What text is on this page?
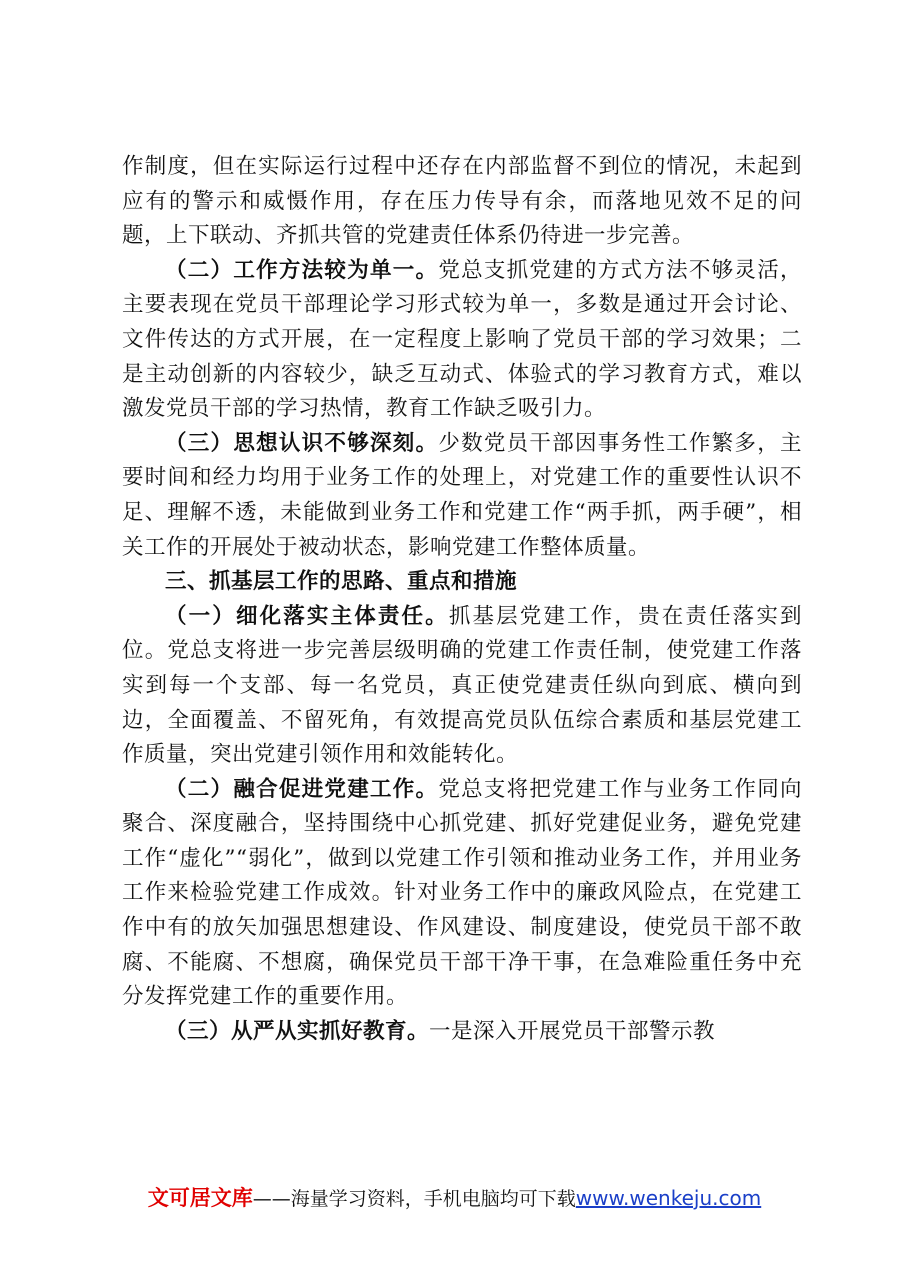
作制度，但在实际运行过程中还存在内部监督不到位的情况，未起到应有的警示和威慑作用，存在压力传导有余，而落地见效不足的问题，上下联动、齐抓共管的党建责任体系仍待进一步完善。

（二）工作方法较为单一。党总支抓党建的方式方法不够灵活，主要表现在党员干部理论学习形式较为单一，多数是通过开会讨论、文件传达的方式开展，在一定程度上影响了党员干部的学习效果；二是主动创新的内容较少，缺乏互动式、体验式的学习教育方式，难以激发党员干部的学习热情，教育工作缺乏吸引力。

（三）思想认识不够深刻。少数党员干部因事务性工作繁多，主要时间和经力均用于业务工作的处理上，对党建工作的重要性认识不足、理解不透，未能做到业务工作和党建工作“两手抓，两手硬”，相关工作的开展处于被动状态，影响党建工作整体质量。

三、抓基层工作的思路、重点和措施

（一）细化落实主体责任。抓基层党建工作，贵在责任落实到位。党总支将进一步完善层级明确的党建工作责任制，使党建工作落实到每一个支部、每一名党员，真正使党建责任纵向到底、横向到边，全面覆盖、不留死角，有效提高党员队伍综合素质和基层党建工作质量，突出党建引领作用和效能转化。

（二）融合促进党建工作。党总支将把党建工作与业务工作同向聚合、深度融合，坚持围绕中心抓党建、抓好党建促业务，避免党建工作“虚化”“弱化”，做到以党建工作引领和推动业务工作，并用业务工作来检验党建工作成效。针对业务工作中的廉政风险点，在党建工作中有的放矢加强思想建设、作风建设、制度建设，使党员干部不敢腐、不能腐、不想腐，确保党员干部干净干事，在急难险重任务中充分发挥党建工作的重要作用。

（三）从严从实抓好教育。一是深入开展党员干部警示教

文可居文库——海量学习资料，手机电脑均可下载www.wenkeju.com
